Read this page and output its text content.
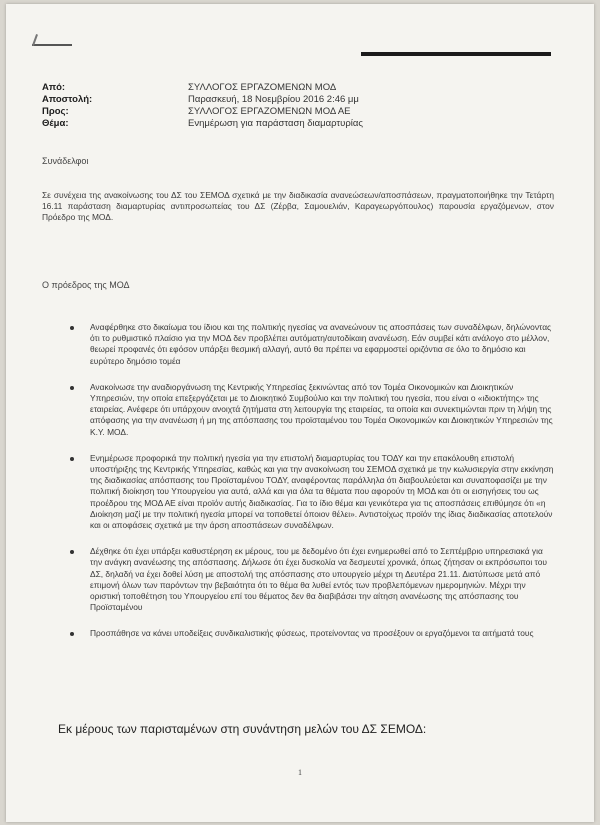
Από:	ΣΥΛΛΟΓΟΣ ΕΡΓΑΖΟΜΕΝΩΝ ΜΟΔ
Αποστολή:	Παρασκευή, 18 Νοεμβρίου 2016 2:46 μμ
Προς:	ΣΥΛΛΟΓΟΣ ΕΡΓΑΖΟΜΕΝΩΝ ΜΟΔ ΑΕ
Θέμα:	Ενημέρωση για παράσταση διαμαρτυρίας
Συνάδελφοι
Σε συνέχεια της ανακοίνωσης του ΔΣ του ΣΕΜΟΔ σχετικά με την διαδικασία ανανεώσεων/αποσπάσεων, πραγματοποιήθηκε την Τετάρτη 16.11 παράσταση διαμαρτυρίας αντιπροσωπείας του ΔΣ (Ζέρβα, Σαμουελιάν, Καραγεωργόπουλος) παρουσία εργαζόμενων, στον Πρόεδρο της ΜΟΔ.
Ο πρόεδρος της ΜΟΔ
Αναφέρθηκε στο δικαίωμα του ίδιου και της πολιτικής ηγεσίας να ανανεώνουν τις αποσπάσεις των συναδέλφων, δηλώνοντας ότι το ρυθμιστικό πλαίσιο για την ΜΟΔ δεν προβλέπει αυτόματη/αυτοδίκαιη ανανέωση. Εάν συμβεί κάτι ανάλογο στο μέλλον, θεωρεί προφανές ότι εφόσον υπάρξει θεσμική αλλαγή, αυτό θα πρέπει να εφαρμοστεί οριζόντια σε όλο το δημόσιο και ευρύτερο δημόσιο τομέα
Ανακοίνωσε την αναδιοργάνωση της Κεντρικής Υπηρεσίας ξεκινώντας από τον Τομέα Οικονομικών και Διοικητικών Υπηρεσιών, την οποία επεξεργάζεται με το Διοικητικό Συμβούλιο και την πολιτική του ηγεσία, που είναι ο «ιδιοκτήτης» της εταιρείας. Ανέφερε ότι υπάρχουν ανοιχτά ζητήματα στη λειτουργία της εταιρείας, τα οποία και συνεκτιμώνται πριν τη λήψη της απόφασης για την ανανέωση ή μη της απόσπασης του προϊσταμένου του Τομέα Οικονομικών και Διοικητικών Υπηρεσιών της Κ.Υ. ΜΟΔ.
Ενημέρωσε προφορικά την πολιτική ηγεσία για την επιστολή διαμαρτυρίας του ΤΟΔΥ και την επακόλουθη επιστολή υποστήριξης της Κεντρικής Υπηρεσίας, καθώς και για την ανακοίνωση του ΣΕΜΟΔ σχετικά με την κωλυσιεργία στην εκκίνηση της διαδικασίας απόσπασης του Προϊσταμένου ΤΟΔΥ, αναφέροντας παράλληλα ότι διαβουλεύεται και συναποφασίζει με την πολιτική διοίκηση του Υπουργείου για αυτά, αλλά και για όλα τα θέματα που αφορούν τη ΜΟΔ και ότι οι εισηγήσεις του ως προέδρου της ΜΟΔ ΑΕ είναι προϊόν αυτής διαδικασίας. Για το ίδιο θέμα και γενικότερα για τις αποσπάσεις επιθύμησε ότι «η Διοίκηση μαζί με την πολιτική ηγεσία μπορεί να τοποθετεί όποιον θέλει». Αντιστοίχως προϊόν της ίδιας διαδικασίας αποτελούν και οι αποφάσεις σχετικά με την άρση αποσπάσεων συναδέλφων.
Δέχθηκε ότι έχει υπάρξει καθυστέρηση εκ μέρους, του με δεδομένο ότι έχει ενημερωθεί από το Σεπτέμβριο υπηρεσιακά για την ανάγκη ανανέωσης της απόσπασης. Δήλωσε ότι έχει δυσκολία να δεσμευτεί χρονικά, όπως ζήτησαν οι εκπρόσωποι του ΔΣ, δηλαδή να έχει δοθεί λύση με αποστολή της απόσπασης στο υπουργείο μέχρι τη Δευτέρα 21.11. Διατύπωσε μετά από επιμονή όλων των παρόντων την βεβαιότητα ότι το θέμα θα λυθεί εντός των προβλεπόμενων ημερομηνιών. Μέχρι την οριστική τοποθέτηση του Υπουργείου επί του θέματος δεν θα διαβιβάσει την αίτηση ανανέωσης της απόσπασης του Προϊσταμένου
Προσπάθησε να κάνει υποδείξεις συνδικαλιστικής φύσεως, προτείνοντας να προσέξουν οι εργαζόμενοι τα αιτήματά τους
Εκ μέρους των παρισταμένων στη συνάντηση μελών του ΔΣ ΣΕΜΟΔ:
1
